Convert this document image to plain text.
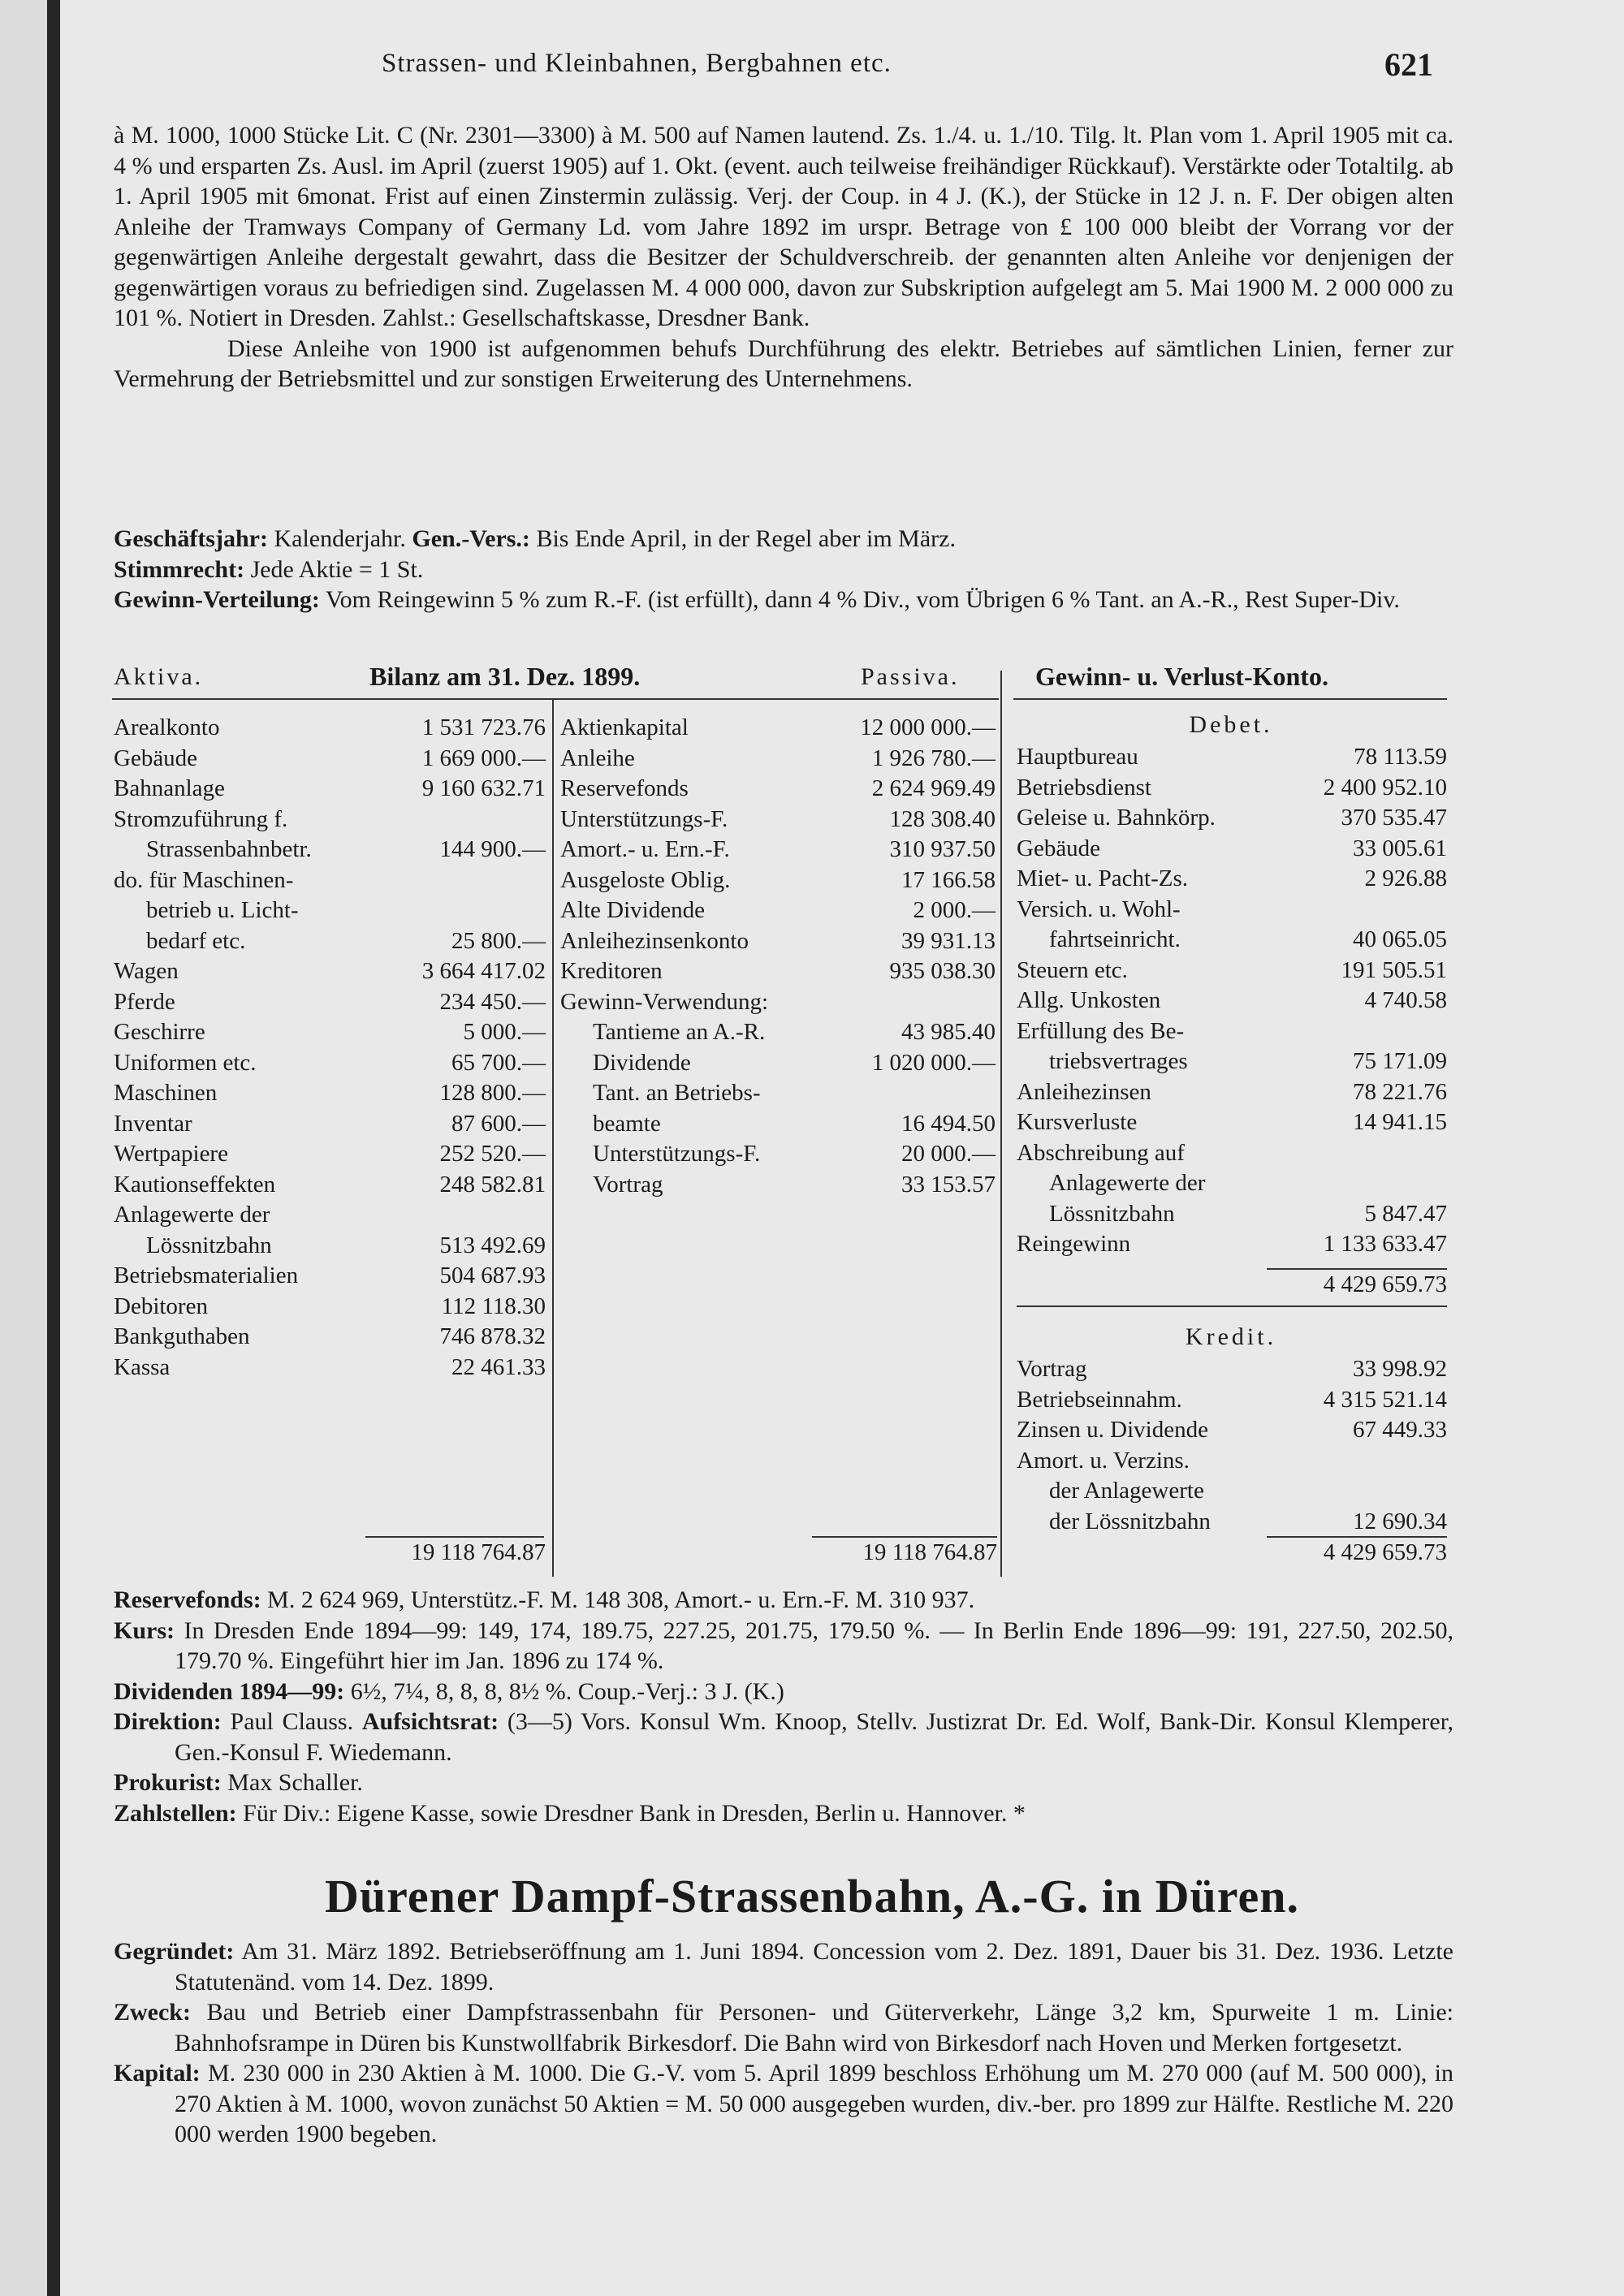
Strassen- und Kleinbahnen, Bergbahnen etc.	621

à M. 1000, 1000 Stücke Lit. C (Nr. 2301—3300) à M. 500 auf Namen lautend. Zs. 1./4. u. 1./10. Tilg. lt. Plan vom 1. April 1905 mit ca. 4 % und ersparten Zs. Ausl. im April (zuerst 1905) auf 1. Okt. (event. auch teilweise freihändiger Rückkauf). Verstärkte oder Totaltilg. ab 1. April 1905 mit 6monat. Frist auf einen Zinstermin zulässig. Verj. der Coup. in 4 J. (K.), der Stücke in 12 J. n. F. Der obigen alten Anleihe der Tramways Company of Germany Ld. vom Jahre 1892 im urspr. Betrage von £ 100 000 bleibt der Vorrang vor der gegenwärtigen Anleihe dergestalt gewahrt, dass die Besitzer der Schuldverschreib. der genannten alten Anleihe vor denjenigen der gegenwärtigen voraus zu befriedigen sind. Zugelassen M. 4 000 000, davon zur Subskription aufgelegt am 5. Mai 1900 M. 2 000 000 zu 101 %. Notiert in Dresden. Zahlst.: Gesellschaftskasse, Dresdner Bank.

Diese Anleihe von 1900 ist aufgenommen behufs Durchführung des elektr. Betriebes auf sämtlichen Linien, ferner zur Vermehrung der Betriebsmittel und zur sonstigen Erweiterung des Unternehmens.

Geschäftsjahr: Kalenderjahr. Gen.-Vers.: Bis Ende April, in der Regel aber im März.

Stimmrecht: Jede Aktie = 1 St.

Gewinn-Verteilung: Vom Reingewinn 5 % zum R.-F. (ist erfüllt), dann 4 % Div., vom Übrigen 6 % Tant. an A.-R., Rest Super-Div.

Aktiva.	Bilanz am 31. Dez. 1899.	Passiva.	Gewinn- u. Verlust-Konto.
Debet.
Kredit.
Arealkonto	1 531 723.76
Gebäude	1 669 000.—
Bahnanlage	9 160 632.71
Stromzuführung f.
Strassenbahnbetr.	144 900.—
do. für Maschinen-
betrieb u. Licht-
bedarf etc.	25 800.—
Wagen	3 664 417.02
Pferde	234 450.—
Geschirre	5 000.—
Uniformen etc.	65 700.—
Maschinen	128 800.—
Inventar	87 600.—
Wertpapiere	252 520.—
Kautionseffekten	248 582.81
Anlagewerte der
Lössnitzbahn	513 492.69
Betriebsmaterialien	504 687.93
Debitoren	112 118.30
Bankguthaben	746 878.32
Kassa	22 461.33
Aktienkapital	12 000 000.—
Anleihe	1 926 780.—
Reservefonds	2 624 969.49
Unterstützungs-F.	128 308.40
Amort.- u. Ern.-F.	310 937.50
Ausgeloste Oblig.	17 166.58
Alte Dividende	2 000.—
Anleihezinsenkonto	39 931.13
Kreditoren	935 038.30
Gewinn-Verwendung:
Tantieme an A.-R.	43 985.40
Dividende	1 020 000.—
Tant. an Betriebs-
beamte	16 494.50
Unterstützungs-F.	20 000.—
Vortrag	33 153.57
Hauptbureau	78 113.59
Betriebsdienst	2 400 952.10
Geleise u. Bahnkörp.	370 535.47
Gebäude	33 005.61
Miet- u. Pacht-Zs.	2 926.88
Versich. u. Wohl-
fahrtseinricht.	40 065.05
Steuern etc.	191 505.51
Allg. Unkosten	4 740.58
Erfüllung des Be-
triebsvertrages	75 171.09
Anleihezinsen	78 221.76
Kursverluste	14 941.15
Abschreibung auf
Anlagewerte der
Lössnitzbahn	5 847.47
Reingewinn	1 133 633.47
Vortrag	33 998.92
Betriebseinnahm.	4 315 521.14
Zinsen u. Dividende	67 449.33
Amort. u. Verzins.
der Anlagewerte
der Lössnitzbahn	12 690.34
19 118 764.87	19 118 764.87
4 429 659.73
4 429 659.73

Reservefonds: M. 2 624 969, Unterstütz.-F. M. 148 308, Amort.- u. Ern.-F. M. 310 937.

Kurs: In Dresden Ende 1894—99: 149, 174, 189.75, 227.25, 201.75, 179.50 %. — In Berlin Ende 1896—99: 191, 227.50, 202.50, 179.70 %. Eingeführt hier im Jan. 1896 zu 174 %.

Dividenden 1894—99: 6½, 7¼, 8, 8, 8, 8½ %. Coup.-Verj.: 3 J. (K.)

Direktion: Paul Clauss. Aufsichtsrat: (3—5) Vors. Konsul Wm. Knoop, Stellv. Justizrat Dr. Ed. Wolf, Bank-Dir. Konsul Klemperer, Gen.-Konsul F. Wiedemann.

Prokurist: Max Schaller.

Zahlstellen: Für Div.: Eigene Kasse, sowie Dresdner Bank in Dresden, Berlin u. Hannover. *

Dürener Dampf-Strassenbahn, A.-G. in Düren.

Gegründet: Am 31. März 1892. Betriebseröffnung am 1. Juni 1894. Concession vom 2. Dez. 1891, Dauer bis 31. Dez. 1936. Letzte Statutenänd. vom 14. Dez. 1899.

Zweck: Bau und Betrieb einer Dampfstrassenbahn für Personen- und Güterverkehr, Länge 3,2 km, Spurweite 1 m. Linie: Bahnhofsrampe in Düren bis Kunstwollfabrik Birkesdorf. Die Bahn wird von Birkesdorf nach Hoven und Merken fortgesetzt.

Kapital: M. 230 000 in 230 Aktien à M. 1000. Die G.-V. vom 5. April 1899 beschloss Erhöhung um M. 270 000 (auf M. 500 000), in 270 Aktien à M. 1000, wovon zunächst 50 Aktien = M. 50 000 ausgegeben wurden, div.-ber. pro 1899 zur Hälfte. Restliche M. 220 000 werden 1900 begeben.
